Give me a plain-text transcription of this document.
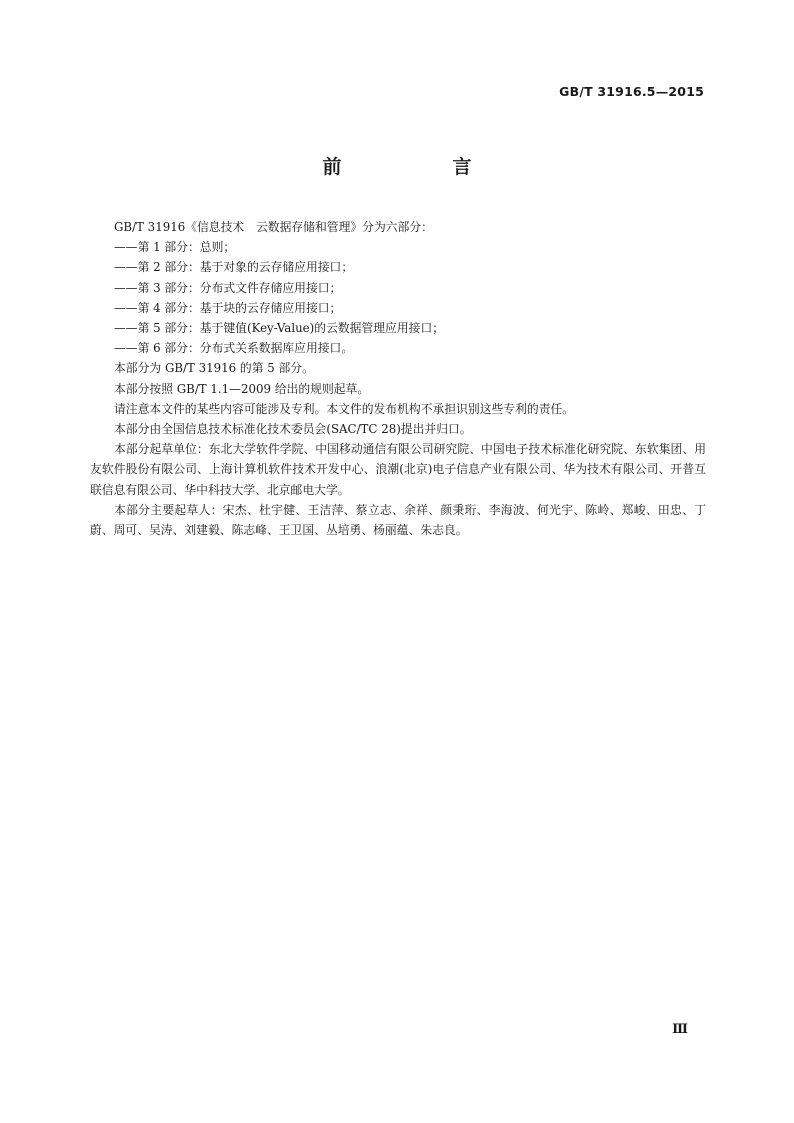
GB/T 31916.5—2015
前　言

GB/T 31916《信息技术　云数据存储和管理》分为六部分：

——第 1 部分：总则；

——第 2 部分：基于对象的云存储应用接口；

——第 3 部分：分布式文件存储应用接口；

——第 4 部分：基于块的云存储应用接口；

——第 5 部分：基于键值(Key-Value)的云数据管理应用接口；

——第 6 部分：分布式关系数据库应用接口。

本部分为 GB/T 31916 的第 5 部分。

本部分按照 GB/T 1.1—2009 给出的规则起草。

请注意本文件的某些内容可能涉及专利。本文件的发布机构不承担识别这些专利的责任。

本部分由全国信息技术标准化技术委员会(SAC/TC 28)提出并归口。

本部分起草单位：东北大学软件学院、中国移动通信有限公司研究院、中国电子技术标准化研究院、东软集团、用友软件股份有限公司、上海计算机软件技术开发中心、浪潮(北京)电子信息产业有限公司、华为技术有限公司、开普互联信息有限公司、华中科技大学、北京邮电大学。

本部分主要起草人：宋杰、杜宇健、王洁萍、蔡立志、余祥、颜秉珩、李海波、何光宇、陈岭、郑峻、田忠、丁蔚、周可、吴涛、刘建毅、陈志峰、王卫国、丛培勇、杨丽蕴、朱志良。

Ⅲ
